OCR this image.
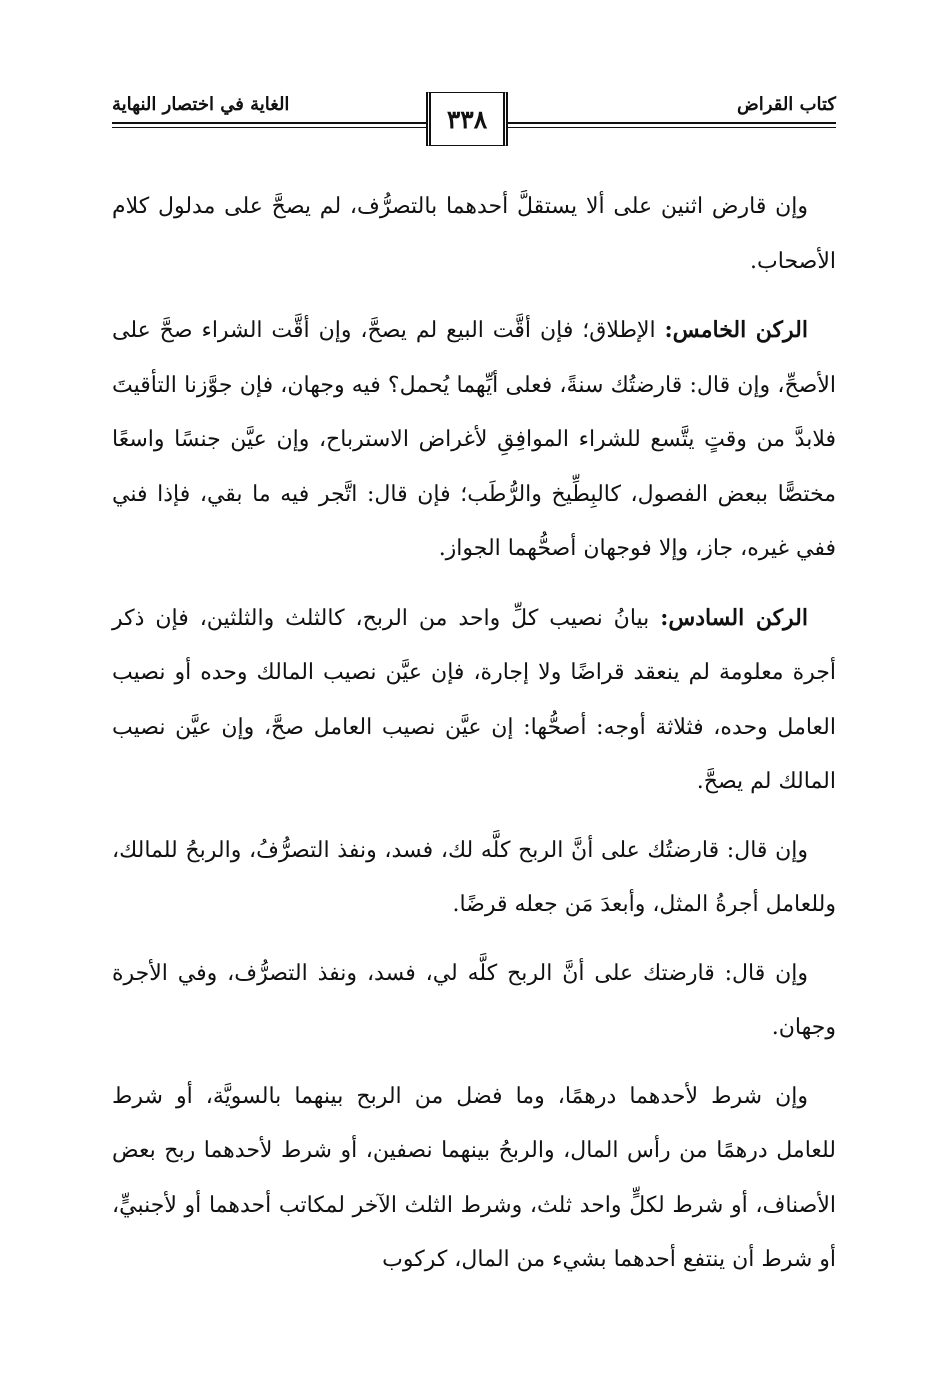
كتاب القراض
الغاية في اختصار النهاية	٣٣٨

وإن قارض اثنين على ألا يستقلَّ أحدهما بالتصرُّف، لم يصحَّ على مدلول كلام الأصحاب.

الركن الخامس: الإطلاق؛ فإن أقَّت البيع لم يصحَّ، وإن أقَّت الشراء صحَّ على الأصحِّ، وإن قال: قارضتُك سنةً، فعلى أيِّهما يُحمل؟ فيه وجهان، فإن جوَّزنا التأقيتَ فلابدَّ من وقتٍ يتَّسع للشراء الموافِقِ لأغراض الاسترباح، وإن عيَّن جنسًا واسعًا مختصًّا ببعض الفصول، كالبِطِّيخ والرُّطَب؛ فإن قال: اتَّجر فيه ما بقي، فإذا فني ففي غيره، جاز، وإلا فوجهان أصحُّهما الجواز.

الركن السادس: بيانُ نصيب كلِّ واحد من الربح، كالثلث والثلثين، فإن ذكر أجرة معلومة لم ينعقد قراضًا ولا إجارة، فإن عيَّن نصيب المالك وحده أو نصيب العامل وحده، فثلاثة أوجه: أصحُّها: إن عيَّن نصيب العامل صحَّ، وإن عيَّن نصيب المالك لم يصحَّ.

وإن قال: قارضتُك على أنَّ الربح كلَّه لك، فسد، ونفذ التصرُّفُ، والربحُ للمالك، وللعامل أجرةُ المثل، وأبعدَ مَن جعله قرضًا.

وإن قال: قارضتك على أنَّ الربح كلَّه لي، فسد، ونفذ التصرُّف، وفي الأجرة وجهان.

وإن شرط لأحدهما درهمًا، وما فضل من الربح بينهما بالسويَّة، أو شرط للعامل درهمًا من رأس المال، والربحُ بينهما نصفين، أو شرط لأحدهما ربح بعض الأصناف، أو شرط لكلٍّ واحد ثلث، وشرط الثلث الآخر لمكاتب أحدهما أو لأجنبيٍّ، أو شرط أن ينتفع أحدهما بشيء من المال، كركوب
